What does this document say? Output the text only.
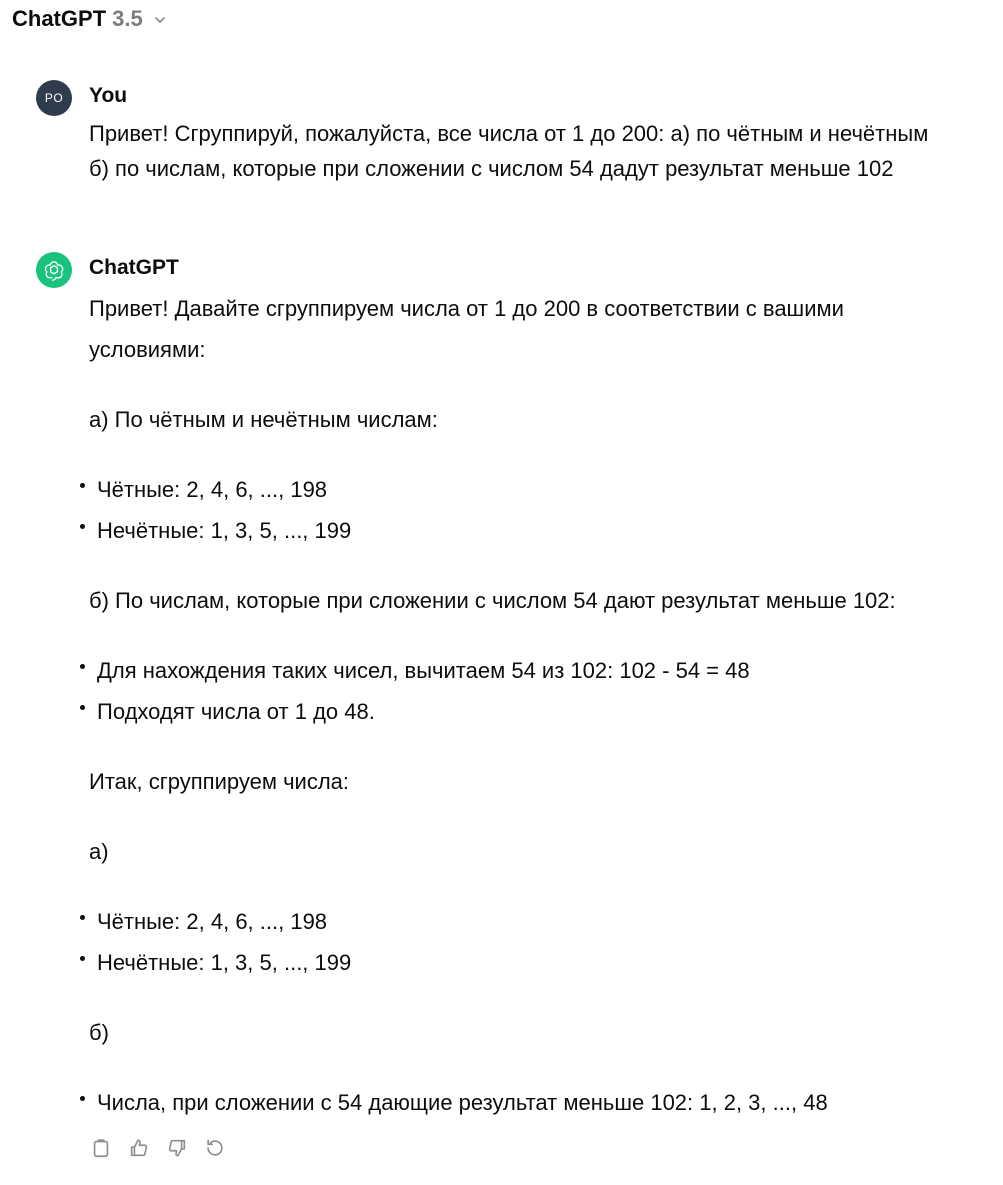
ChatGPT 3.5
PO You
Привет! Сгруппируй, пожалуйста, все числа от 1 до 200: а) по чётным и нечётным
б) по числам, которые при сложении с числом 54 дадут результат меньше 102
ChatGPT

Привет! Давайте сгруппируем числа от 1 до 200 в соответствии с вашими

условиями:

а) По чётным и нечётным числам:

Чётные: 2, 4, 6, ..., 198
Нечётные: 1, 3, 5, ..., 199

б) По числам, которые при сложении с числом 54 дают результат меньше 102:

Для нахождения таких чисел, вычитаем 54 из 102: 102 - 54 = 48
Подходят числа от 1 до 48.

Итак, сгруппируем числа:

а)

Чётные: 2, 4, 6, ..., 198
Нечётные: 1, 3, 5, ..., 199

б)

Числа, при сложении с 54 дающие результат меньше 102: 1, 2, 3, ..., 48
